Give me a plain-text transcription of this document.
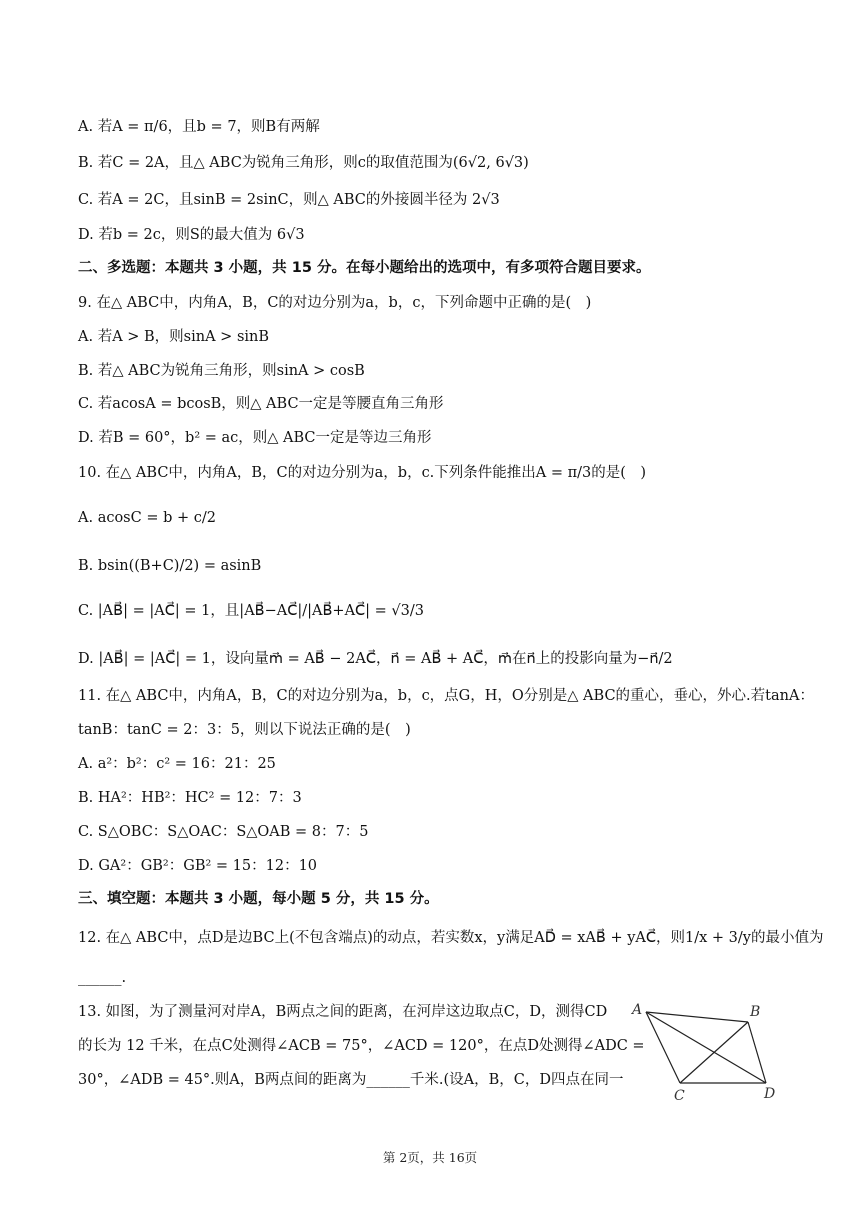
A. 若A = π/6，且b = 7，则B有两解
B. 若C = 2A，且△ ABC为锐角三角形，则c的取值范围为(6√2, 6√3)
C. 若A = 2C，且sinB = 2sinC，则△ ABC的外接圆半径为 2√3
D. 若b = 2c，则S的最大值为 6√3
二、多选题：本题共 3 小题，共 15 分。在每小题给出的选项中，有多项符合题目要求。
9. 在△ ABC中，内角A，B，C的对边分别为a，b，c，下列命题中正确的是(　)
A. 若A > B，则sinA > sinB
B. 若△ ABC为锐角三角形，则sinA > cosB
C. 若acosA = bcosB，则△ ABC一定是等腰直角三角形
D. 若B = 60°，b² = ac，则△ ABC一定是等边三角形
10. 在△ ABC中，内角A，B，C的对边分别为a，b，c.下列条件能推出A = π/3的是(　)
A. acosC = b + c/2
B. bsin((B+C)/2) = asinB
C. |AB⃗| = |AC⃗| = 1，且|AB⃗−AC⃗|/|AB⃗+AC⃗| = √3/3
D. |AB⃗| = |AC⃗| = 1，设向量m⃗ = AB⃗ − 2AC⃗，n⃗ = AB⃗ + AC⃗，m⃗在n⃗上的投影向量为−n⃗/2
11. 在△ ABC中，内角A，B，C的对边分别为a，b，c，点G，H，O分别是△ ABC的重心，垂心，外心.若tanA：
tanB：tanC = 2：3：5，则以下说法正确的是(　)
A. a²：b²：c² = 16：21：25
B. HA²：HB²：HC² = 12：7：3
C. S△OBC：S△OAC：S△OAB = 8：7：5
D. GA²：GB²：GB² = 15：12：10
三、填空题：本题共 3 小题，每小题 5 分，共 15 分。
12. 在△ ABC中，点D是边BC上(不包含端点)的动点，若实数x，y满足AD⃗ = xAB⃗ + yAC⃗，则1/x + 3/y的最小值为
______.
13. 如图，为了测量河对岸A，B两点之间的距离，在河岸这边取点C，D，测得CD
的长为 12 千米，在点C处测得∠ACB = 75°，∠ACD = 120°，在点D处测得∠ADC =
30°，∠ADB = 45°.则A，B两点间的距离为______千米.(设A，B，C，D四点在同一
A	B
C	D
第 2页，共 16页
